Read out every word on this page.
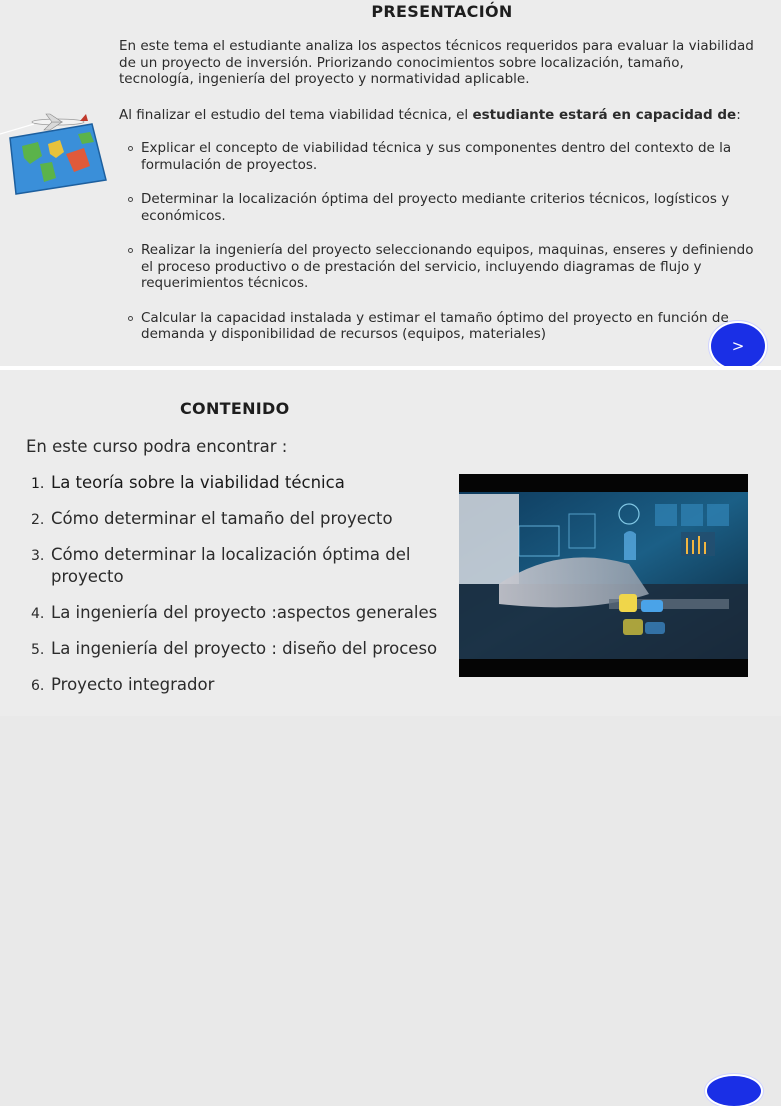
PRESENTACIÓN
En este tema el estudiante analiza los aspectos técnicos requeridos para evaluar la viabilidad de un proyecto de inversión. Priorizando conocimientos sobre localización, tamaño, tecnología, ingeniería del proyecto y normatividad aplicable.
Al finalizar el estudio del tema viabilidad técnica, el estudiante estará en capacidad de:
Explicar el concepto de viabilidad técnica y sus componentes dentro del contexto de la formulación de proyectos.
Determinar la localización óptima del proyecto mediante criterios técnicos, logísticos y económicos.
Realizar la ingeniería del proyecto seleccionando equipos, maquinas, enseres y definiendo el proceso productivo o de prestación del servicio, incluyendo diagramas de flujo y requerimientos técnicos.
Calcular la capacidad instalada y estimar el tamaño óptimo del proyecto en función de demanda y disponibilidad de recursos (equipos, materiales)
>
CONTENIDO
En este curso podra encontrar :
1. La teoría sobre la viabilidad técnica
2. Cómo determinar el tamaño del proyecto
3. Cómo determinar la localización óptima del proyecto
4. La ingeniería del proyecto :aspectos generales
5. La ingeniería del proyecto : diseño del proceso
6. Proyecto integrador
